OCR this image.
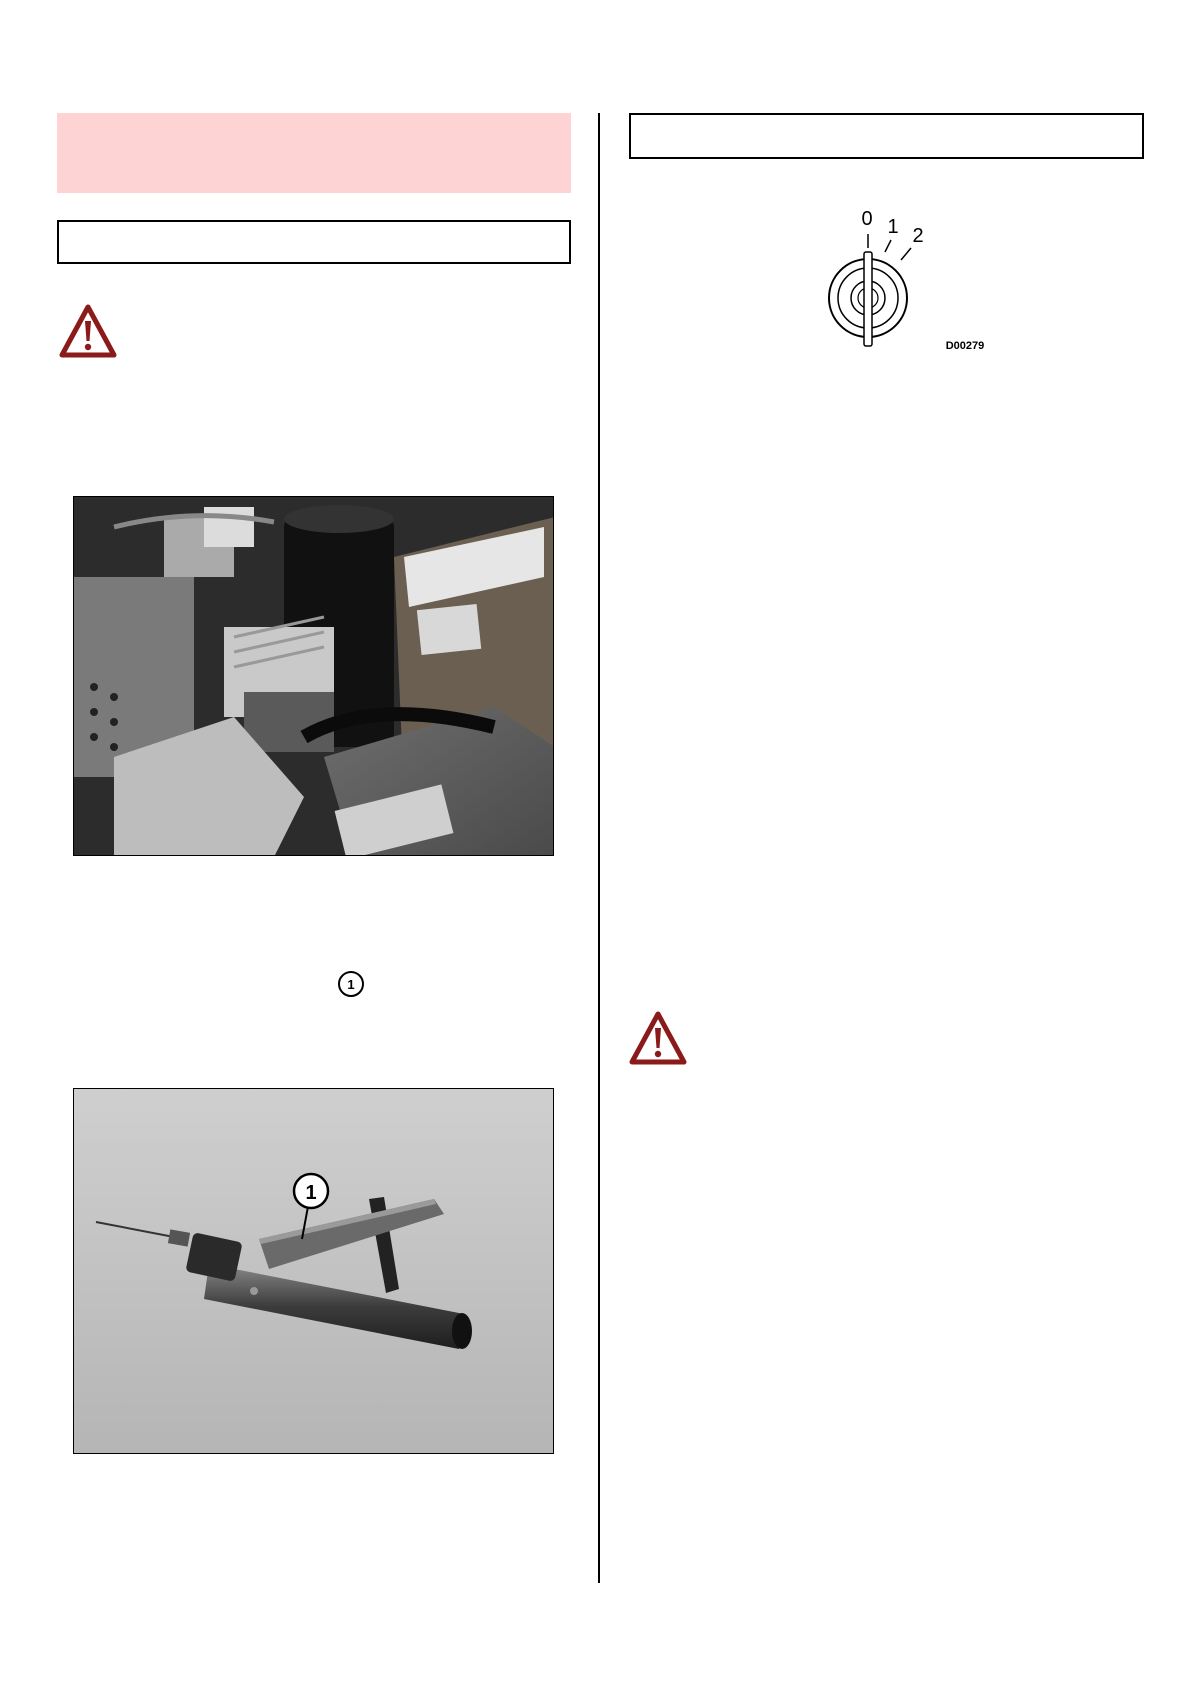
1
1
0 1 2
D00279
